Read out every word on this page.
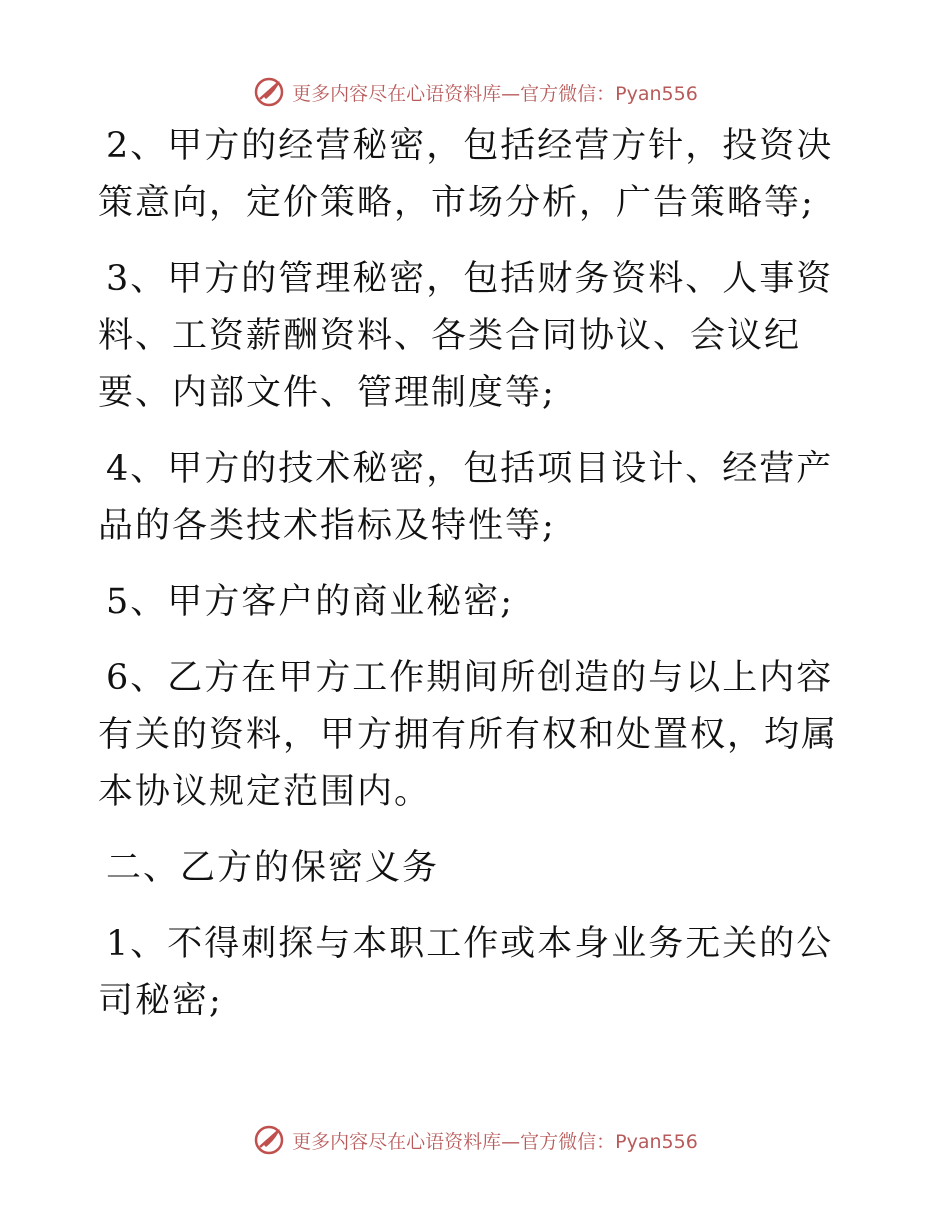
更多内容尽在心语资料库—官方微信：Pyan556

2、甲方的经营秘密，包括经营方针，投资决策意向，定价策略，市场分析，广告策略等;

3、甲方的管理秘密，包括财务资料、人事资料、工资薪酬资料、各类合同协议、会议纪要、内部文件、管理制度等;

4、甲方的技术秘密，包括项目设计、经营产品的各类技术指标及特性等;

5、甲方客户的商业秘密;

6、乙方在甲方工作期间所创造的与以上内容有关的资料，甲方拥有所有权和处置权，均属本协议规定范围内。

二、乙方的保密义务

1、不得刺探与本职工作或本身业务无关的公司秘密;

更多内容尽在心语资料库—官方微信：Pyan556
